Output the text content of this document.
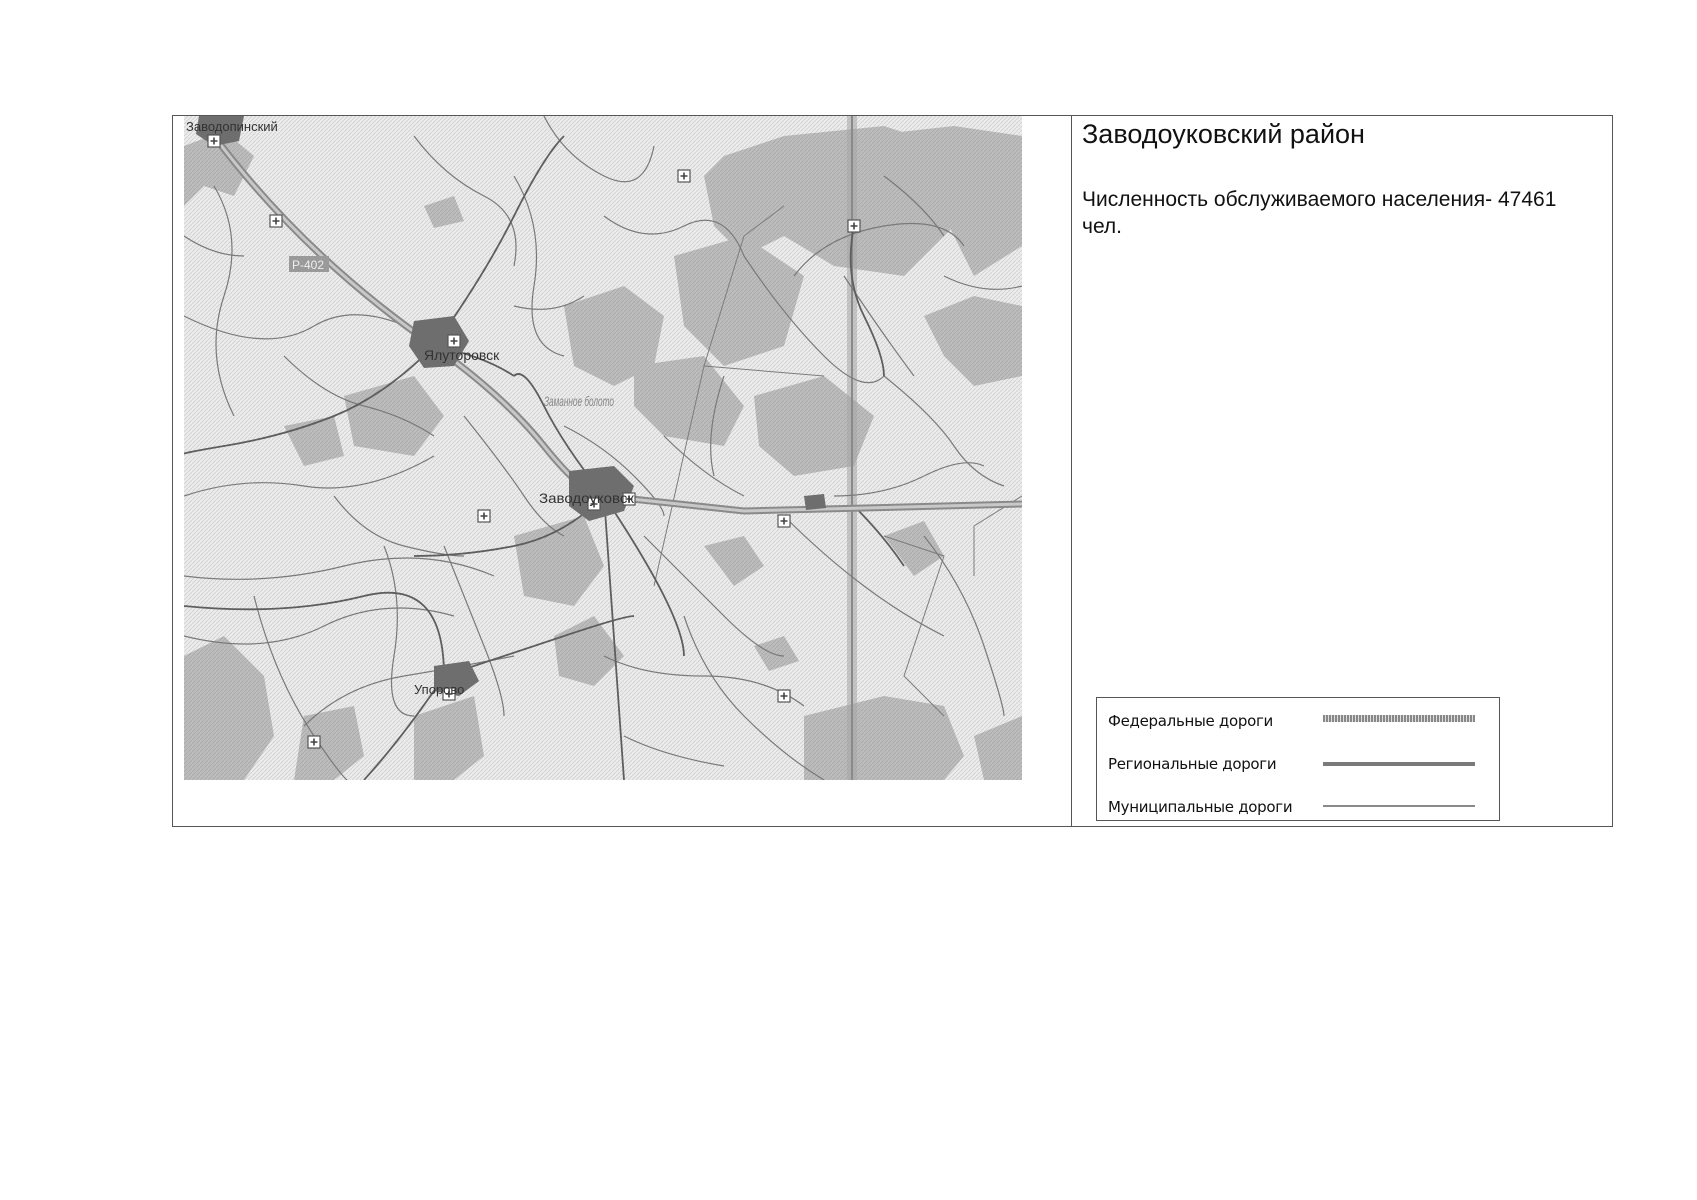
Заводопинский
Р-402
Ялуторовск
Заманное болото
Заводоуковск
Упорово
Заводоуковский район
Численность обслуживаемого населения- 47461 чел.
Федеральные дороги
Региональные дороги
Муниципальные дороги
